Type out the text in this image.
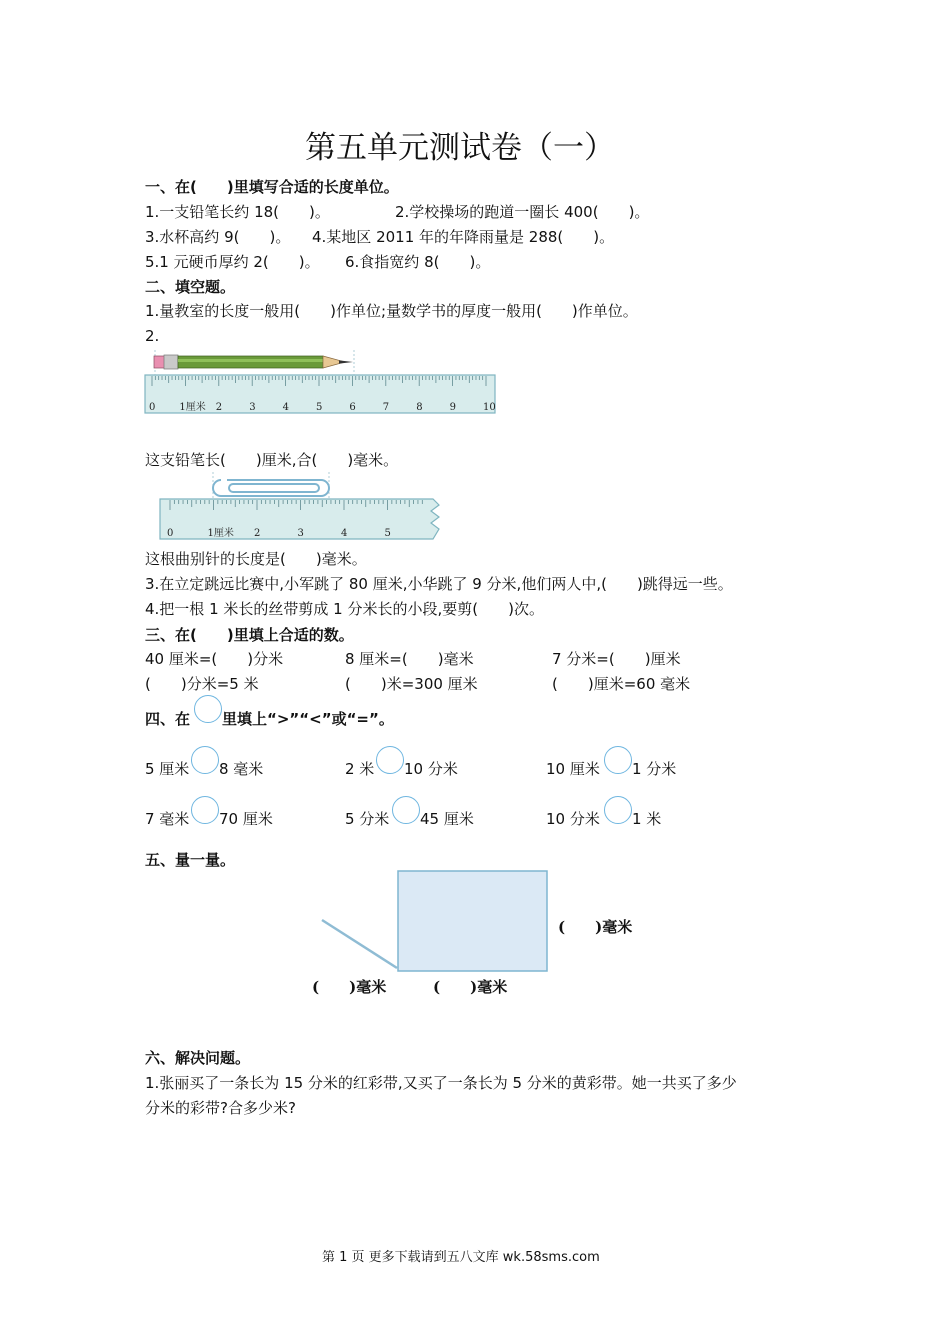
第五单元测试卷（一）
一、在(　　)里填写合适的长度单位。
1.一支铅笔长约 18(　　)。	2.学校操场的跑道一圈长 400(　　)。
3.水杯高约 9(　　)。 4.某地区 2011 年的年降雨量是 288(　　)。
5.1 元硬币厚约 2(　　)。 6.食指宽约 8(　　)。
二、填空题。
1.量教室的长度一般用(　　)作单位;量数学书的厚度一般用(　　)作单位。
2.
0 1厘米 2	3	4	5	6	7	8	9	10
这支铅笔长(　　)厘米,合(　　)毫米。
0	1厘米 2	3	4	5
这根曲别针的长度是(　　)毫米。
3.在立定跳远比赛中,小军跳了 80 厘米,小华跳了 9 分米,他们两人中,(　　)跳得远一些。
4.把一根 1 米长的丝带剪成 1 分米长的小段,要剪(　　)次。
三、在(　　)里填上合适的数。
40 厘米=(　　)分米	8 厘米=(　　)毫米	7 分米=(　　)厘米
(　　)分米=5 米	(　　)米=300 厘米	(　　)厘米=60 毫米
四、在 里填上“>”“<”或“=”。
5 厘米 8 毫米	2 米 10 分米	10 厘米 1 分米
7 毫米 70 厘米	5 分米 45 厘米	10 分米 1 米
五、量一量。
(　　)毫米
(　　)毫米	(　　)毫米
六、解决问题。
1.张丽买了一条长为 15 分米的红彩带,又买了一条长为 5 分米的黄彩带。她一共买了多少
分米的彩带?合多少米?
第 1 页 更多下载请到五八文库 wk.58sms.com
